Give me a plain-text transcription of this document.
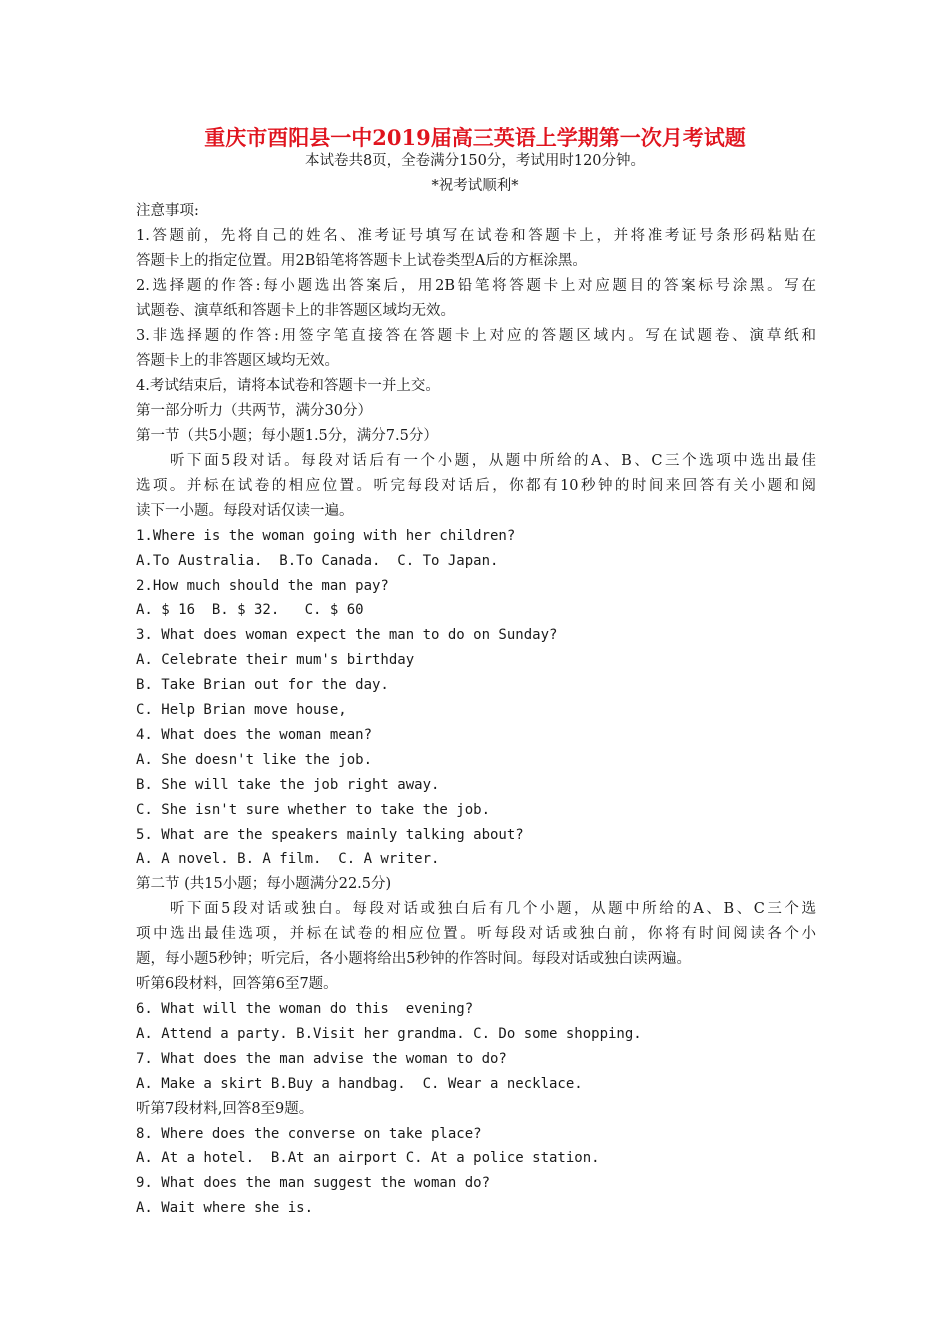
重庆市酉阳县一中2019届高三英语上学期第一次月考试题
本试卷共8页，全卷满分150分，考试用时120分钟。
*祝考试顺利*
注意事项:
1.答题前，先将自己的姓名、准考证号填写在试卷和答题卡上，并将准考证号条形码粘贴在
答题卡上的指定位置。用2B铅笔将答题卡上试卷类型A后的方框涂黑。
2.选择题的作答:每小题选出答案后，用2B铅笔将答题卡上对应题目的答案标号涂黑。写在
试题卷、演草纸和答题卡上的非答题区域均无效。
3.非选择题的作答:用签字笔直接答在答题卡上对应的答题区域内。写在试题卷、演草纸和
答题卡上的非答题区域均无效。
4.考试结束后，请将本试卷和答题卡一并上交。
第一部分听力（共两节，满分30分）
第一节（共5小题；每小题1.5分，满分7.5分）
听下面5段对话。每段对话后有一个小题，从题中所给的A、B、C三个选项中选出最佳
选项。并标在试卷的相应位置。听完每段对话后，你都有10秒钟的时间来回答有关小题和阅
读下一小题。每段对话仅读一遍。
1.Where is the woman going with her children?
A.To Australia.  B.To Canada.  C. To Japan.
2.How much should the man pay?
A. $ 16  B. $ 32.   C. $ 60
3. What does woman expect the man to do on Sunday?
A. Celebrate their mum's birthday
B. Take Brian out for the day.
C. Help Brian move house,
4. What does the woman mean?
A. She doesn't like the job.
B. She will take the job right away.
C. She isn't sure whether to take the job.
5. What are the speakers mainly talking about?
A. A novel. B. A film.  C. A writer.
第二节 (共15小题；每小题满分22.5分)
听下面5段对话或独白。每段对话或独白后有几个小题，从题中所给的A、B、C三个选
项中选出最佳选项，并标在试卷的相应位置。听每段对话或独白前，你将有时间阅读各个小
题，每小题5秒钟；听完后，各小题将给出5秒钟的作答时间。每段对话或独白读两遍。
听第6段材料，回答第6至7题。
6. What will the woman do this  evening?
A. Attend a party. B.Visit her grandma. C. Do some shopping.
7. What does the man advise the woman to do?
A. Make a skirt B.Buy a handbag.  C. Wear a necklace.
听第7段材料,回答8至9题。
8. Where does the converse on take place?
A. At a hotel.  B.At an airport C. At a police station.
9. What does the man suggest the woman do?
A. Wait where she is.
